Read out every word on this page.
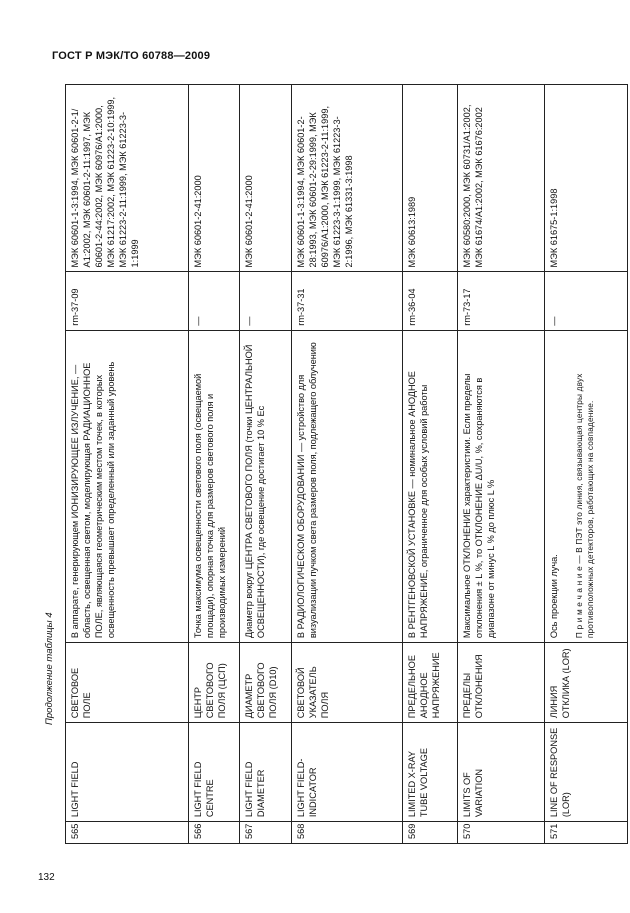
ГОСТ Р МЭК/ТО 60788—2009
Продолжение таблицы 4
565	LIGHT FIELD	СВЕТОВОЕ ПОЛЕ	В аппарате, генерирующем ИОНИЗИРУЮЩЕЕ ИЗЛУЧЕНИЕ, — область, освещенная светом, моделирующая РАДИАЦИОННОЕ ПОЛЕ, являющаяся геометрическим местом точек, в которых освещенность превышает определенный или заданный уровень	rm-37-09	МЭК 60601-1-3:1994, МЭК 60601-2-1/А1:2002, МЭК 60601-2-11:1997, МЭК 60601-2-44:2002, МЭК 60976/А1:2000, МЭК 61217:2002, МЭК 61223-2-10:1999, МЭК 61223-2-11:1999, МЭК 61223-3-1:1999
566	LIGHT FIELD CENTRE	ЦЕНТР СВЕТОВОГО ПОЛЯ (ЦСП)	Точка максимума освещенности светового поля (освещаемой площади), опорная точка для размеров светового поля и производимых измерений	—	МЭК 60601-2-41:2000
567	LIGHT FIELD DIAMETER	ДИАМЕТР СВЕТОВОГО ПОЛЯ (D10)	Диаметр вокруг ЦЕНТРА СВЕТОВОГО ПОЛЯ (точки ЦЕНТРАЛЬНОЙ ОСВЕЩЕННОСТИ), где освещение достигает 10 % Ec	—	МЭК 60601-2-41:2000
568	LIGHT FIELD-INDICATOR	СВЕТОВОЙ УКАЗАТЕЛЬ ПОЛЯ	В РАДИОЛОГИЧЕСКОМ ОБОРУДОВАНИИ — устройство для визуализации пучком света размеров поля, подлежащего облучению	rm-37-31	МЭК 60601-1-3:1994, МЭК 60601-2-28:1993, МЭК 60601-2-29:1999, МЭК 60976/А1:2000, МЭК 61223-2-11:1999, МЭК 61223-3-1:1999, МЭК 61223-3-2:1996, МЭК 61331-3:1998
569	LIMITED X-RAY TUBE VOLTAGE	ПРЕДЕЛЬНОЕ АНОДНОЕ НАПРЯЖЕНИЕ	В РЕНТГЕНОВСКОЙ УСТАНОВКЕ — номинальное АНОДНОЕ НАПРЯЖЕНИЕ, ограниченное для особых условий работы	rm-36-04	МЭК 60613:1989
570	LIMITS OF VARIATION	ПРЕДЕЛЫ ОТКЛОНЕНИЯ	Максимальное ОТКЛОНЕНИЕ характеристики. Если пределы отклонения ± L %, то ОТКЛОНЕНИЕ ΔU/U, %, сохраняются в диапазоне от минус L % до плюс L %	rm-73-17	МЭК 60580:2000, МЭК 60731/А1:2002, МЭК 61674/А1:2002, МЭК 61676:2002
571	LINE OF RESPONSE (LOR)	ЛИНИЯ ОТКЛИКА (LOR)	Ось проекции луча. П р и м е ч а н и е — В ПЭТ это линия, связывающая центры двух противоположных детекторов, работающих на совпадение.	—	МЭК 61675-1:1998
132
